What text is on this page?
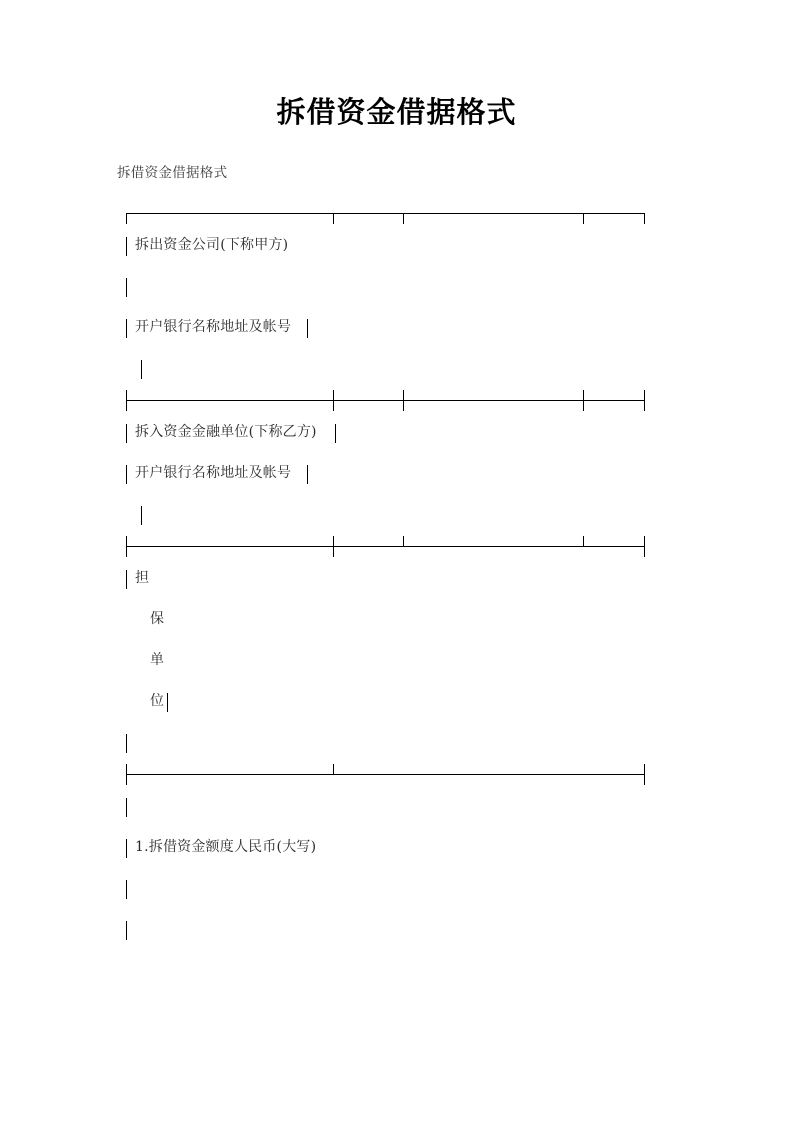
拆借资金借据格式
拆借资金借据格式
拆出资金公司(下称甲方)
开户银行名称地址及帐号
拆入资金金融单位(下称乙方)
开户银行名称地址及帐号
担
保
单
位
1.拆借资金额度人民币(大写)
